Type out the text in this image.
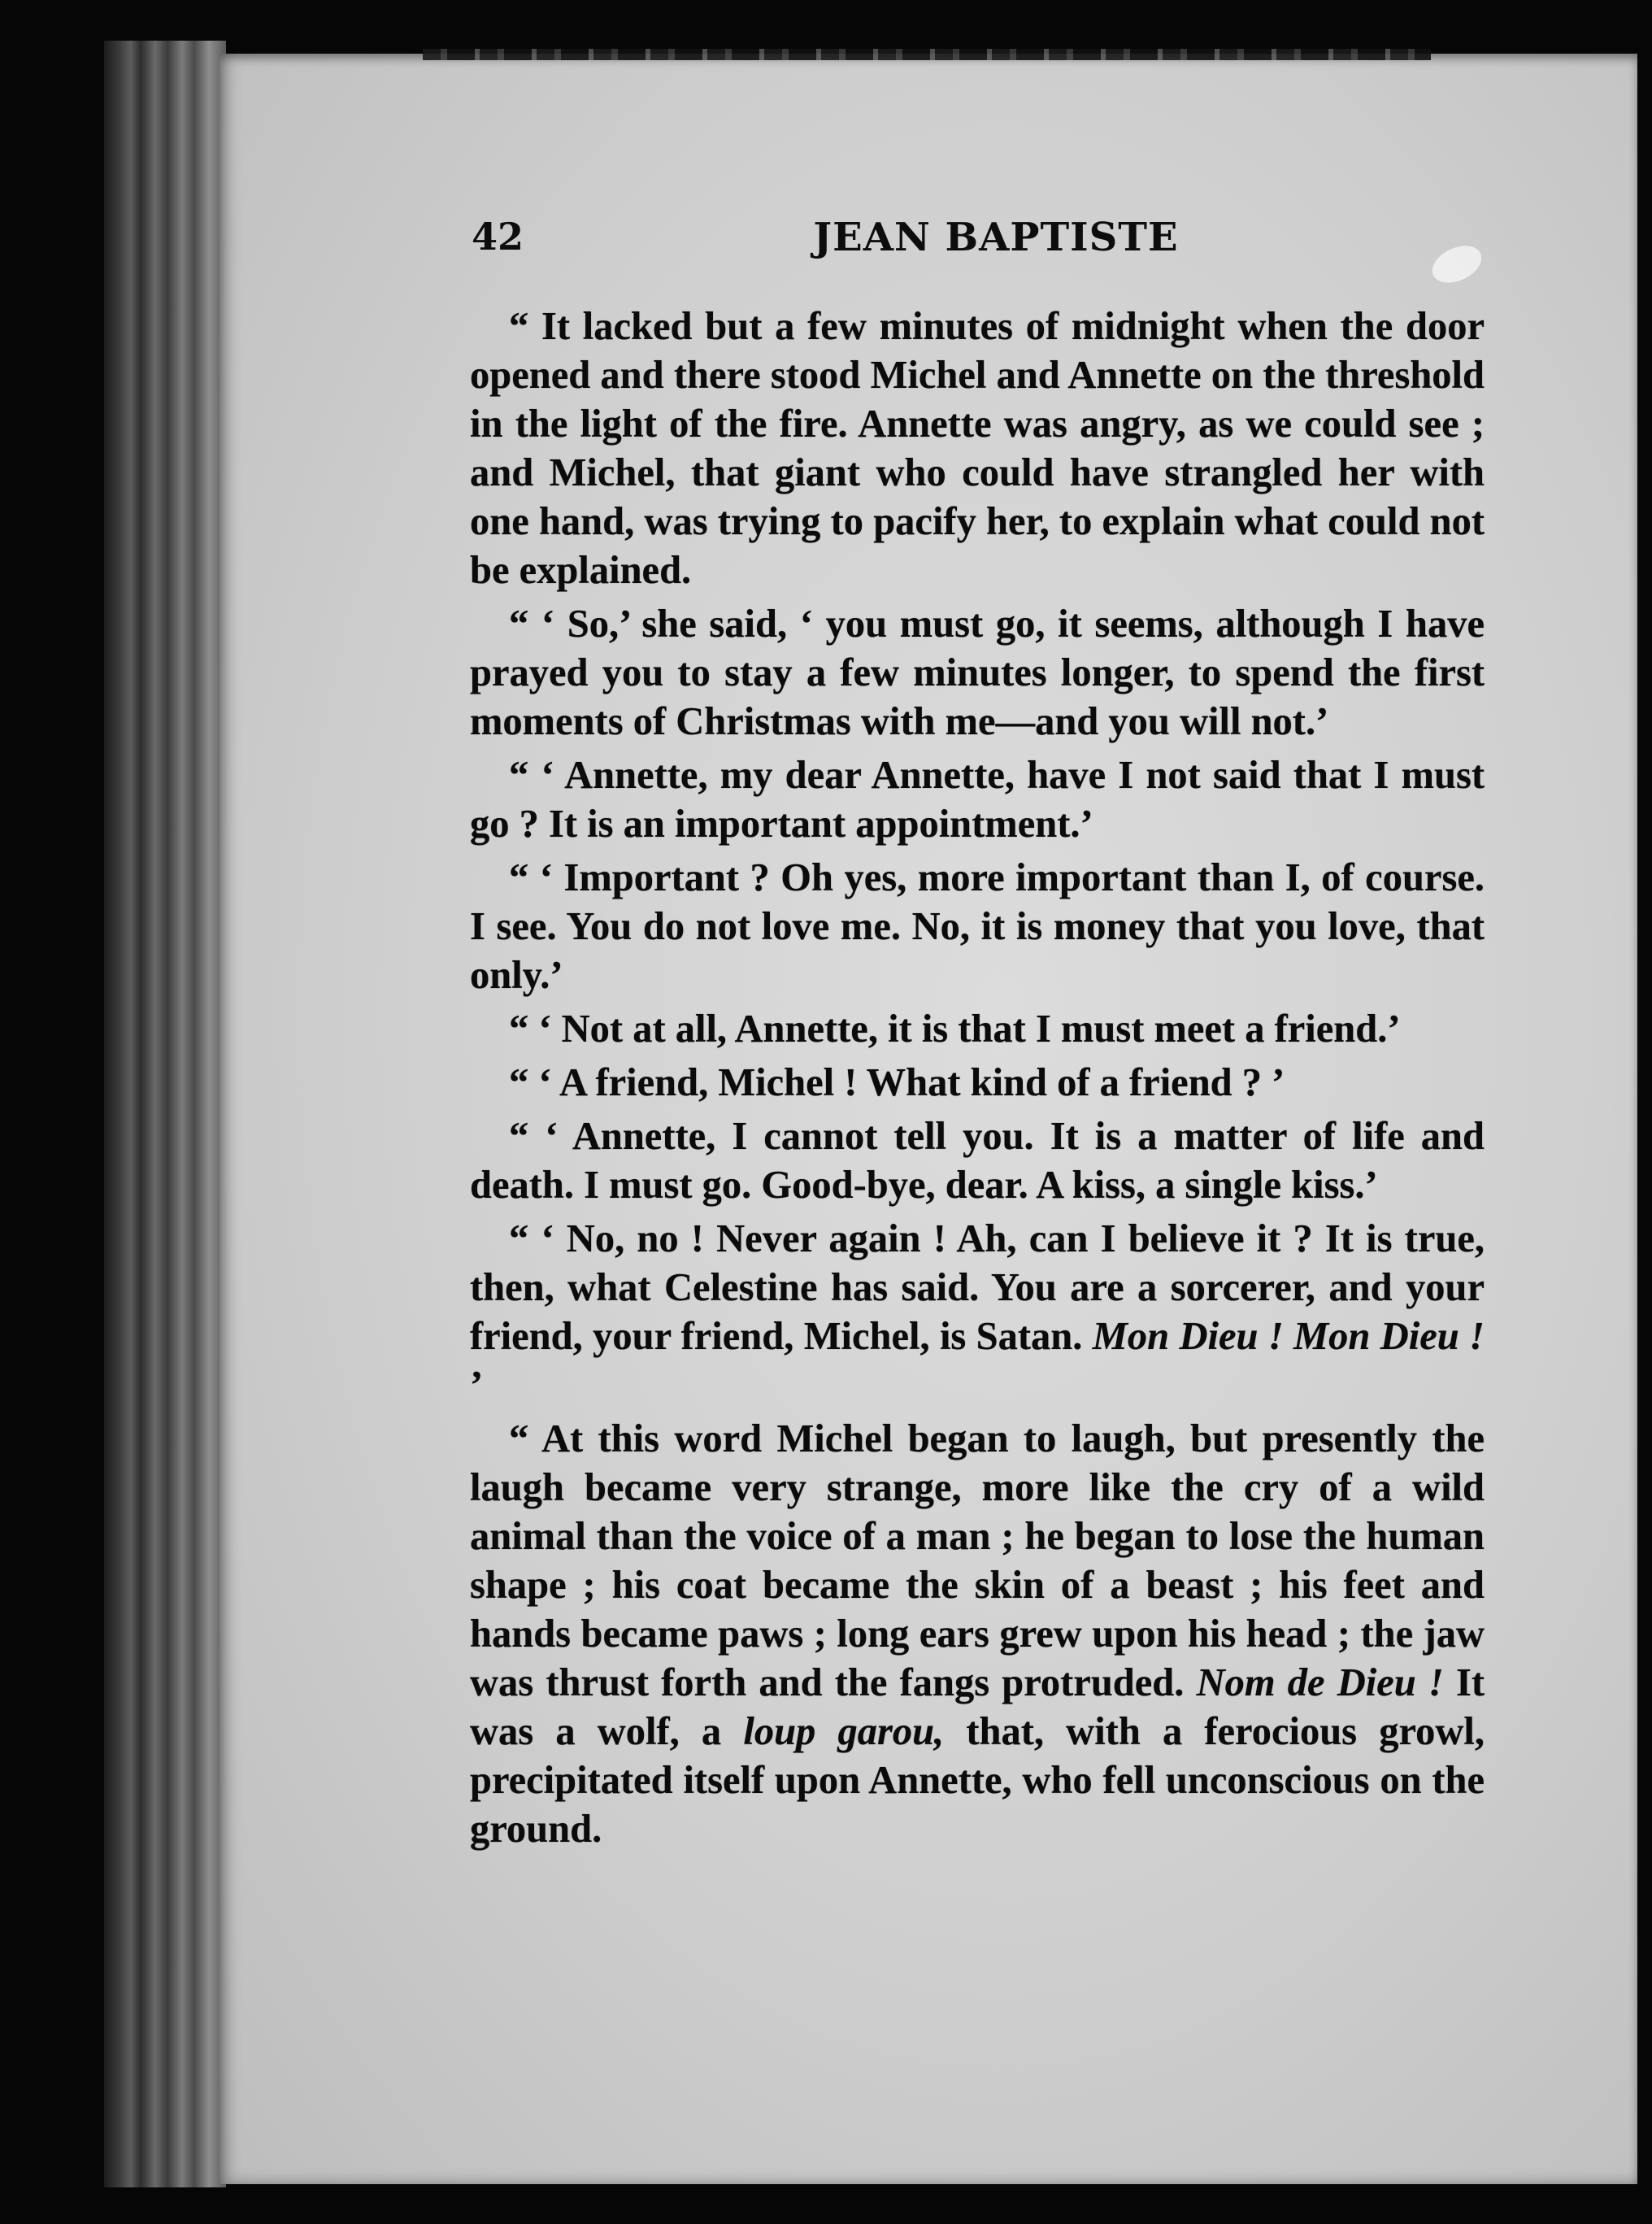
42	JEAN BAPTISTE

“ It lacked but a few minutes of midnight when the door opened and there stood Michel and Annette on the threshold in the light of the fire. Annette was angry, as we could see ; and Michel, that giant who could have strangled her with one hand, was trying to pacify her, to explain what could not be explained.

“ ‘ So,’ she said, ‘ you must go, it seems, although I have prayed you to stay a few minutes longer, to spend the first moments of Christmas with me—and you will not.’

“ ‘ Annette, my dear Annette, have I not said that I must go ? It is an important appointment.’

“ ‘ Important ? Oh yes, more important than I, of course. I see. You do not love me. No, it is money that you love, that only.’

“ ‘ Not at all, Annette, it is that I must meet a friend.’

“ ‘ A friend, Michel ! What kind of a friend ? ’

“ ‘ Annette, I cannot tell you. It is a matter of life and death. I must go. Good-bye, dear. A kiss, a single kiss.’

“ ‘ No, no ! Never again ! Ah, can I believe it ? It is true, then, what Celestine has said. You are a sorcerer, and your friend, your friend, Michel, is Satan. Mon Dieu ! Mon Dieu ! ’

“ At this word Michel began to laugh, but presently the laugh became very strange, more like the cry of a wild animal than the voice of a man ; he began to lose the human shape ; his coat became the skin of a beast ; his feet and hands became paws ; long ears grew upon his head ; the jaw was thrust forth and the fangs protruded. Nom de Dieu ! It was a wolf, a loup garou, that, with a ferocious growl, precipitated itself upon Annette, who fell unconscious on the ground.
